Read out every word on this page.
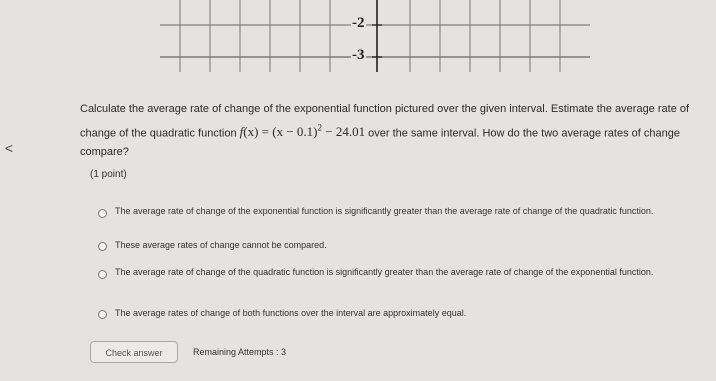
-2
-3
<
Calculate the average rate of change of the exponential function pictured over the given interval. Estimate the average rate of change of the quadratic function $f(x) = (x - 0.1)^2 - 24.01$ over the same interval. How do the two average rates of change compare?
(1 point)
The average rate of change of the exponential function is significantly greater than the average rate of change of the quadratic function.
These average rates of change cannot be compared.
The average rate of change of the quadratic function is significantly greater than the average rate of change of the exponential function.
The average rates of change of both functions over the interval are approximately equal.
Check answer	Remaining Attempts : 3
